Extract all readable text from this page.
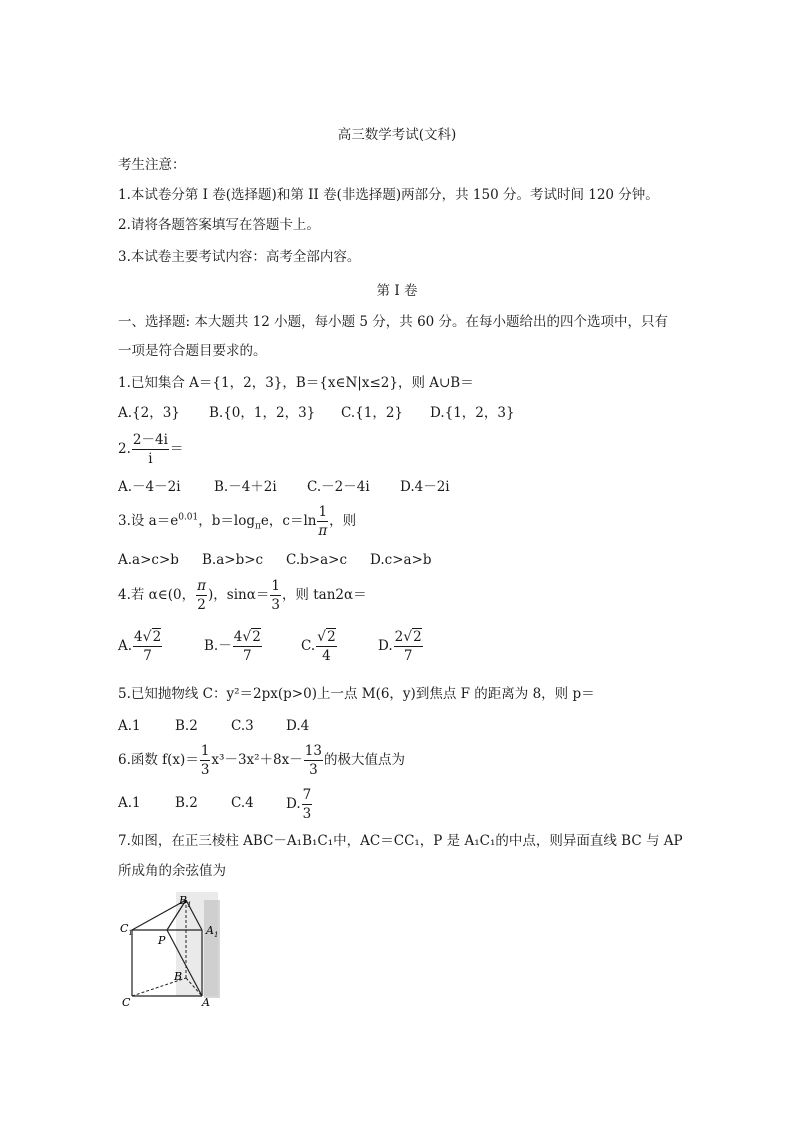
高三数学考试(文科)
考生注意：
1.本试卷分第 I 卷(选择题)和第 II 卷(非选择题)两部分，共 150 分。考试时间 120 分钟。
2.请将各题答案填写在答题卡上。
3.本试卷主要考试内容：高考全部内容。
第 I 卷
一、选择题: 本大题共 12 小题，每小题 5 分，共 60 分。在每小题给出的四个选项中，只有
一项是符合题目要求的。
1.已知集合 A＝{1，2，3}，B＝{x∈N|x≤2}，则 A∪B＝
A.{2，3} B.{0，1，2，3} C.{1，2} D.{1，2，3}
2. $\frac{2-4i}{i}$ ＝
A.－4－2i B.－4＋2i C.－2－4i D.4－2i
3.设 $a=e^{0.01}$，$b=\log_\pi e$，$c=\ln \frac{1}{\pi}$ ，则
A.a>c>b B.a>b>c C.b>a>c D.c>a>b
4.若 α∈(0， $\frac{\pi}{2}$ )，$\sin\alpha= \frac{1}{3}$ ，则 tan2α＝
A. $\frac{4√2}{7}$	$B.- \frac{4√2}{7}$	C. $\frac{√2}{4}$	D. $\frac{2√2}{7}$
5.已知抛物线 C：y²＝2px(p>0)上一点 M(6，y)到焦点 F 的距离为 8，则 p＝
A.1	B.2 C.3 D.4
6.函数 $f(x)= \frac{1}{3} x^3-3x^2+8x- \frac{13}{3}$ 的极大值点为
A.1	B.2 C.4 D. $\frac{7}{3}$
7.如图，在正三棱柱 ABC－A₁B₁C₁中，AC＝CC₁，P 是 A₁C₁的中点，则异面直线 BC 与 AP
所成角的余弦值为
$B_1$
$C_1$	$A_1$
P
B
C	A
